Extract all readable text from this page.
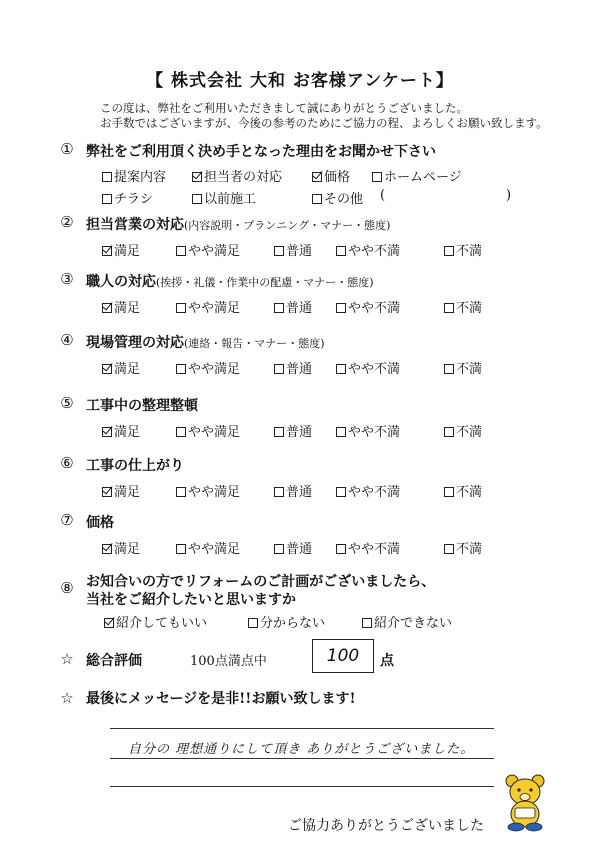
【 株式会社 大和 お客様アンケート】
この度は、弊社をご利用いただきまして誠にありがとうございました。
お手数ではございますが、今後の参考のためにご協力の程、よろしくお願い致します。
① 弊社をご利用頂く決め手となった理由をお聞かせ下さい
提案内容	担当者の対応	価格	ホームページ
チラシ	以前施工	その他 (	)
② 担当営業の対応(内容説明・プランニング・マナー・態度)
満足	やや満足	普通	やや不満	不満
③ 職人の対応(挨拶・礼儀・作業中の配慮・マナー・態度)
満足	やや満足	普通	やや不満	不満
④ 現場管理の対応(連絡・報告・マナー・態度)
満足	やや満足	普通	やや不満	不満
⑤ 工事中の整理整頓
満足	やや満足	普通	やや不満	不満
⑥ 工事の仕上がり
満足	やや満足	普通	やや不満	不満
⑦ 価格
満足	やや満足	普通	やや不満	不満
⑧ お知合いの方でリフォームのご計画がございましたら、
当社をご紹介したいと思いますか
紹介してもいい	分からない	紹介できない
☆ 総合評価	100点満点中	100	点
☆ 最後にメッセージを是非!!お願い致します!
自分の 理想通りにして頂き ありがとうございました。
ご協力ありがとうございました
